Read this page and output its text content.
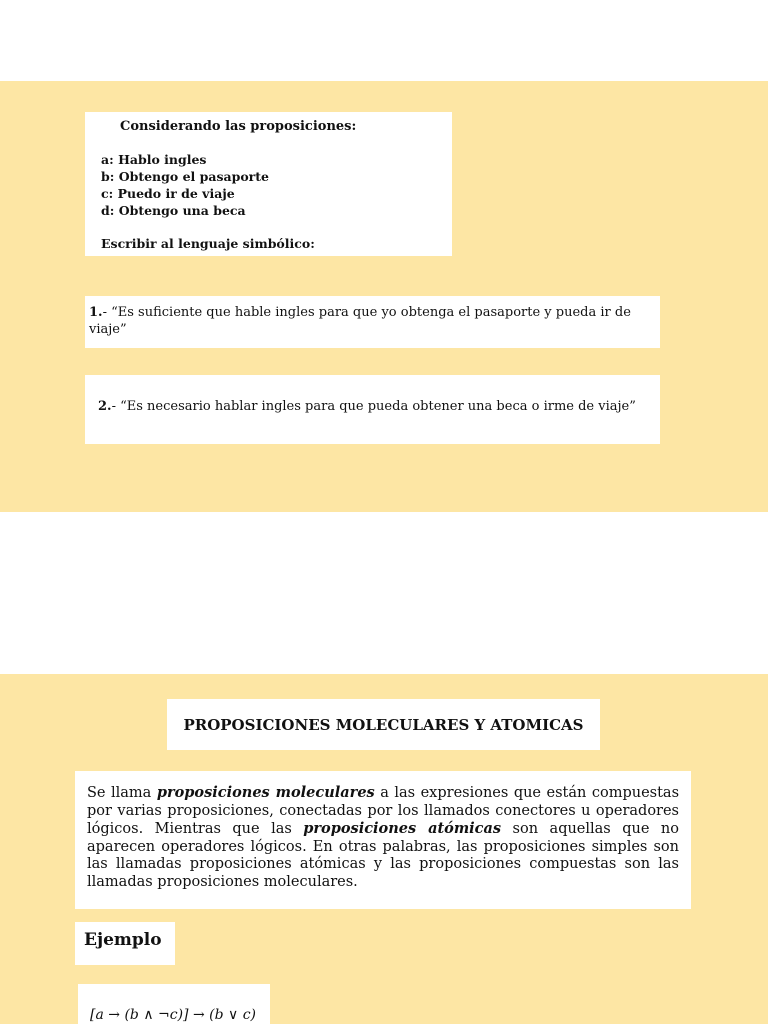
Considerando las proposiciones:
a: Hablo ingles
b: Obtengo el pasaporte
c: Puedo ir de viaje
d: Obtengo una beca
Escribir al lenguaje simbólico:
1.- “Es suficiente que hable ingles para que yo obtenga el pasaporte y pueda ir de viaje”
2.- “Es necesario hablar ingles para que pueda obtener una beca o irme de viaje”
PROPOSICIONES MOLECULARES Y ATOMICAS
Se llama proposiciones moleculares a las expresiones que están compuestas por varias proposiciones, conectadas por los llamados conectores u operadores lógicos. Mientras que las proposiciones atómicas son aquellas que no aparecen operadores lógicos. En otras palabras, las proposiciones simples son las llamadas proposiciones atómicas y las proposiciones compuestas son las llamadas proposiciones moleculares.
Ejemplo
[a → (b ∧ ¬c)] → (b ∨ c)
